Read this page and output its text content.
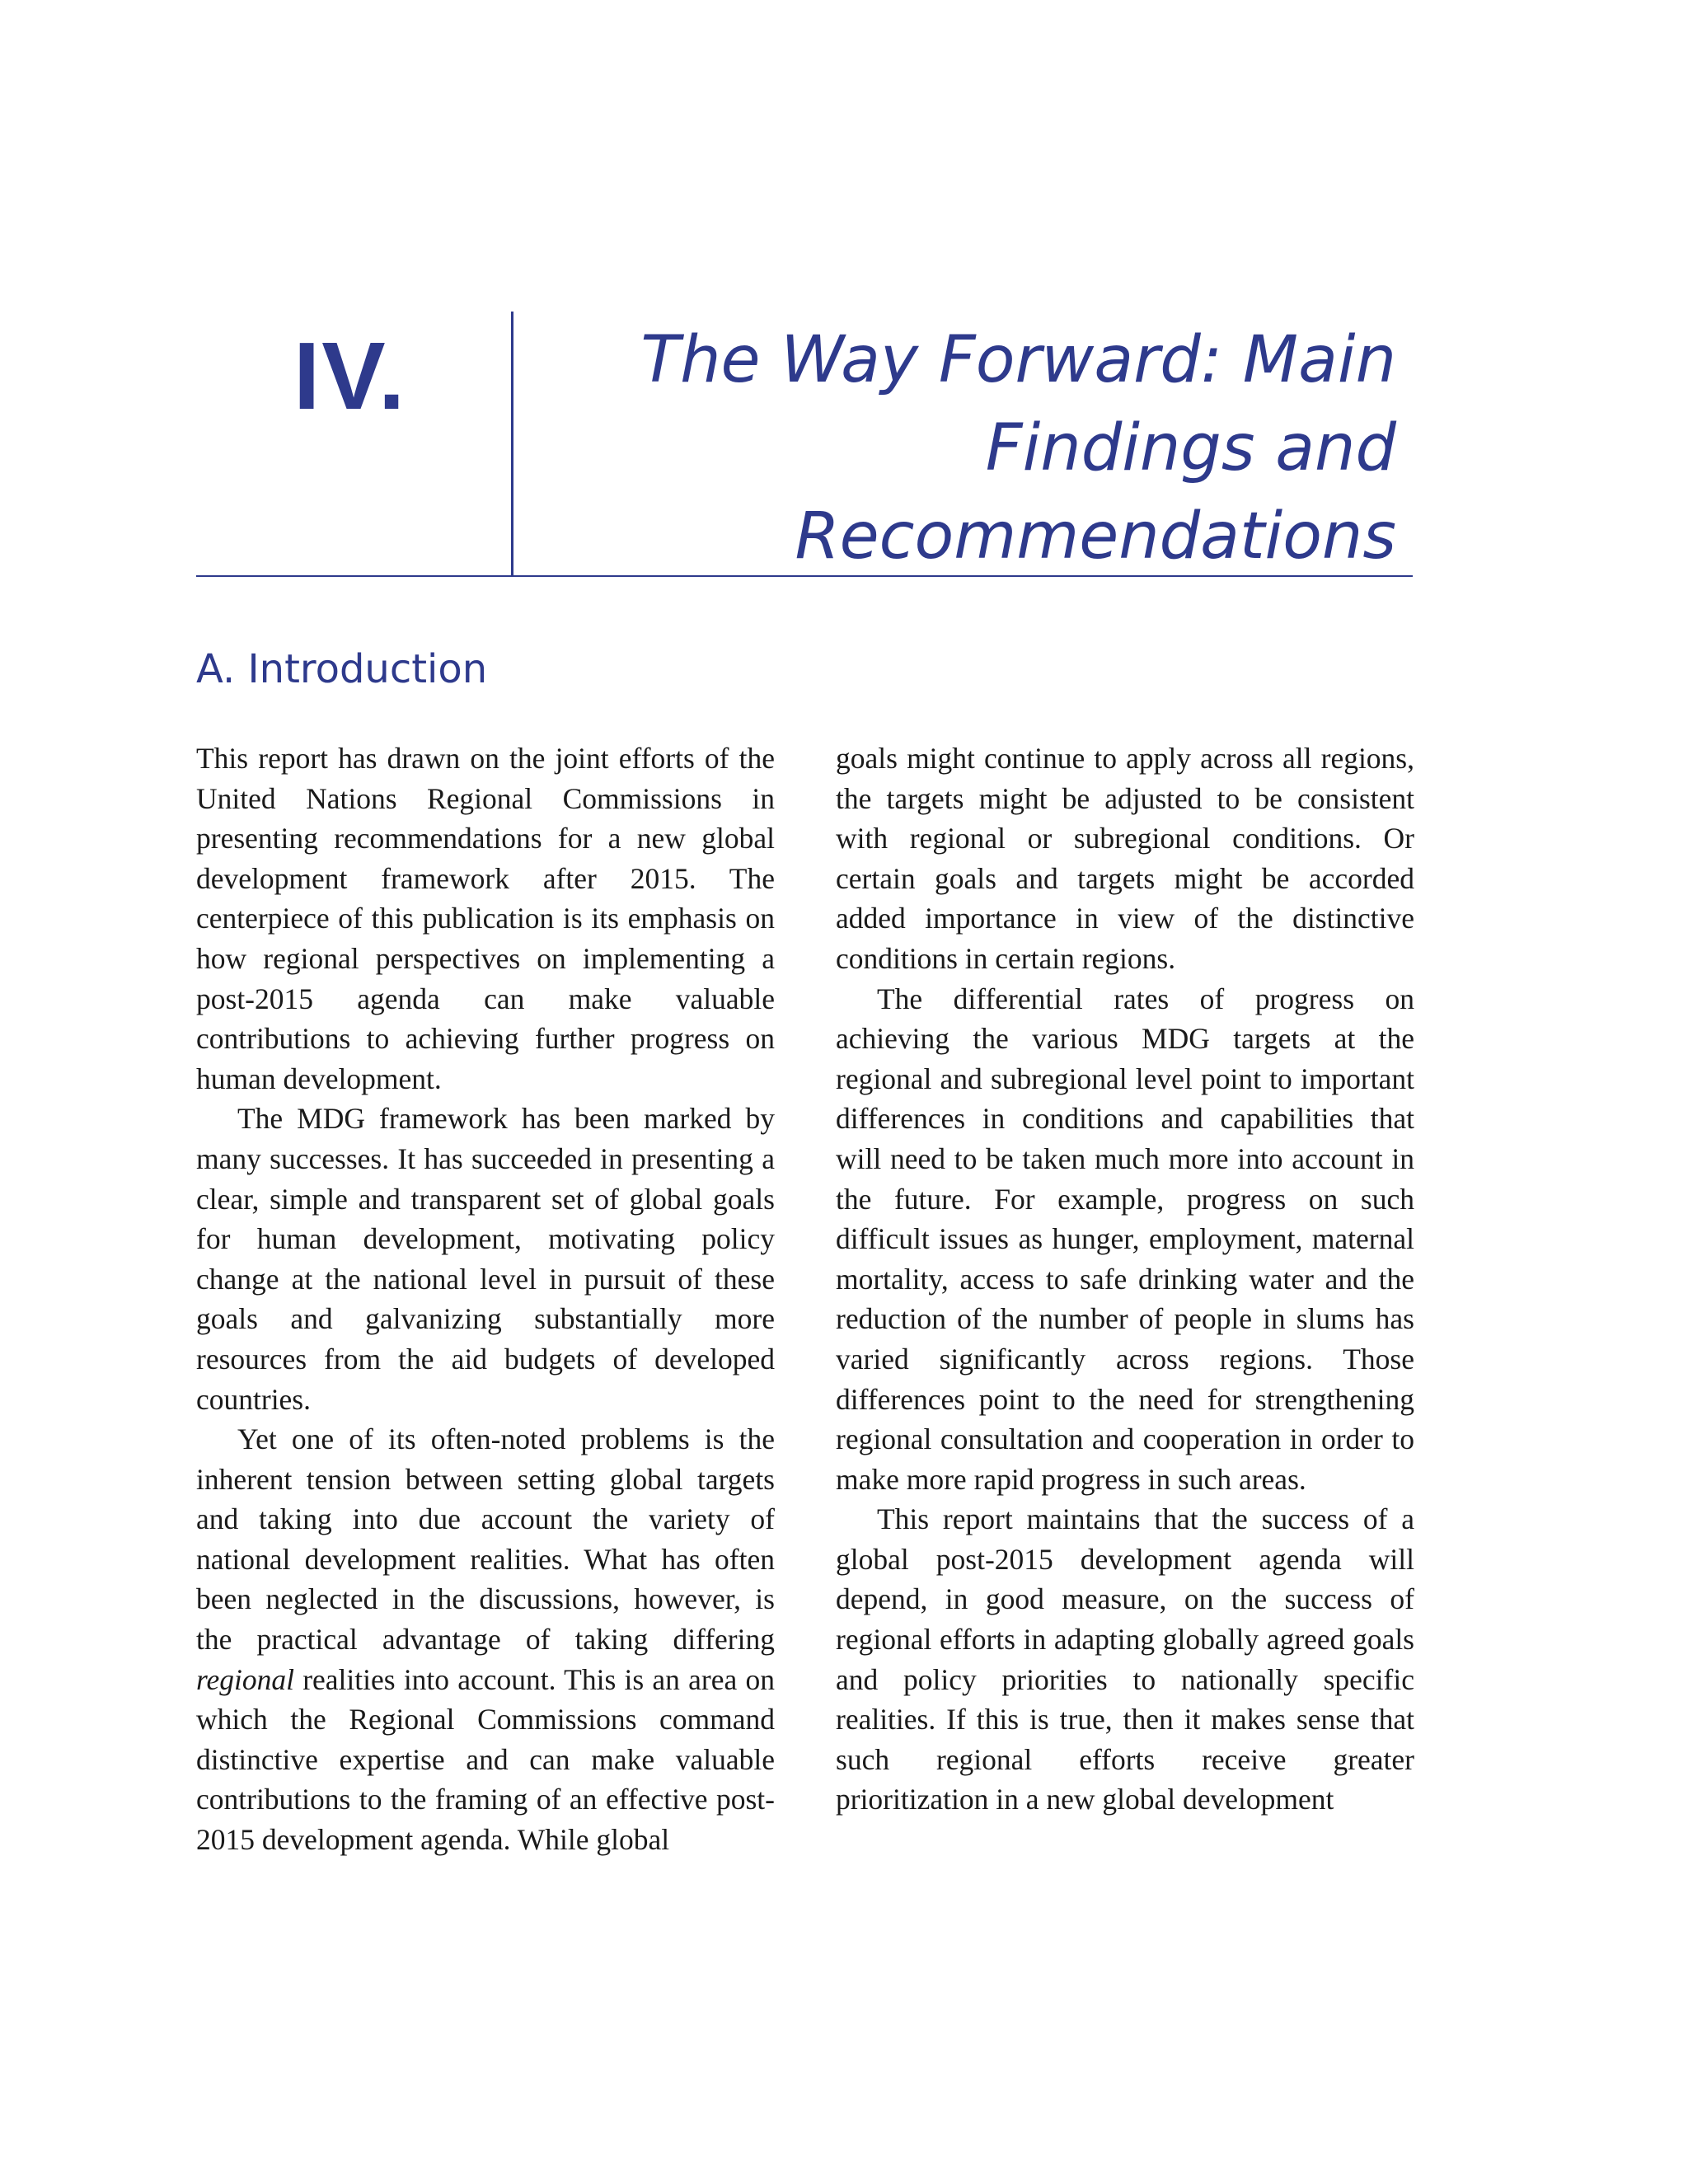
IV.	The Way Forward: Main
Findings and
Recommendations
A. Introduction

This report has drawn on the joint efforts of the United Nations Regional Commissions in presenting recommendations for a new global development framework after 2015. The centerpiece of this publication is its emphasis on how regional perspectives on implementing a post-2015 agenda can make valuable contributions to achieving further progress on human development.

The MDG framework has been marked by many successes. It has succeeded in presenting a clear, simple and transparent set of global goals for human development, motivating policy change at the national level in pursuit of these goals and galvanizing substantially more resources from the aid budgets of developed countries.

Yet one of its often-noted problems is the inherent tension between setting global targets and taking into due account the variety of national development realities. What has often been neglected in the discussions, however, is the practical advantage of taking differing regional realities into account. This is an area on which the Regional Commissions command distinctive expertise and can make valuable contributions to the framing of an effective post-2015 development agenda. While global

goals might continue to apply across all regions, the targets might be adjusted to be consistent with regional or subregional conditions. Or certain goals and targets might be accorded added importance in view of the distinctive conditions in certain regions.

The differential rates of progress on achieving the various MDG targets at the regional and subregional level point to important differences in conditions and capabilities that will need to be taken much more into account in the future. For example, progress on such difficult issues as hunger, employment, maternal mortality, access to safe drinking water and the reduction of the number of people in slums has varied significantly across regions. Those differences point to the need for strengthening regional consultation and cooperation in order to make more rapid progress in such areas.

This report maintains that the success of a global post-2015 development agenda will depend, in good measure, on the success of regional efforts in adapting globally agreed goals and policy priorities to nationally specific realities. If this is true, then it makes sense that such regional efforts receive greater prioritization in a new global development
